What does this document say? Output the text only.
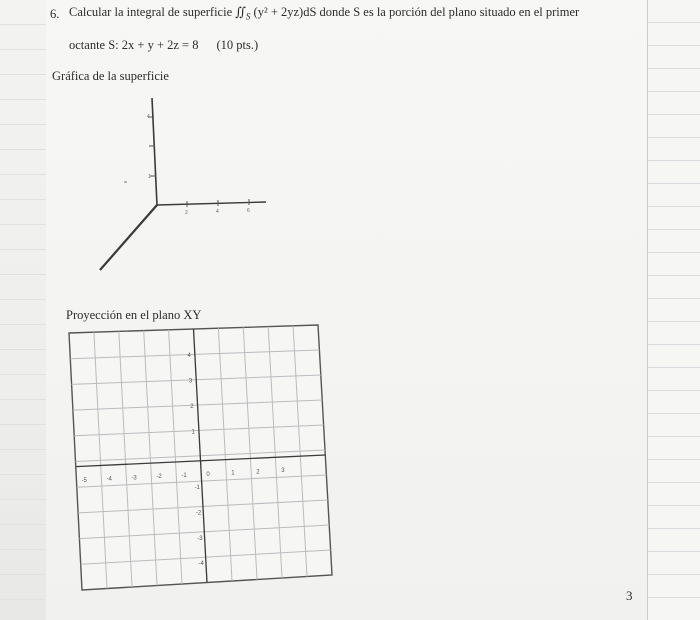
6. Calcular la integral de superficie $∬_S$ (y² + 2yz)dS donde S es la porción del plano situado en el primer
octante S: 2x + y + 2z = 8 (10 pts.)
Gráfica de la superficie
Proyección en el plano XY
3
4
1
2	4	6
-5	-4	-3	-2	-1	0	1	2	3
4
3
2
1
-1
-2
-3
-4
